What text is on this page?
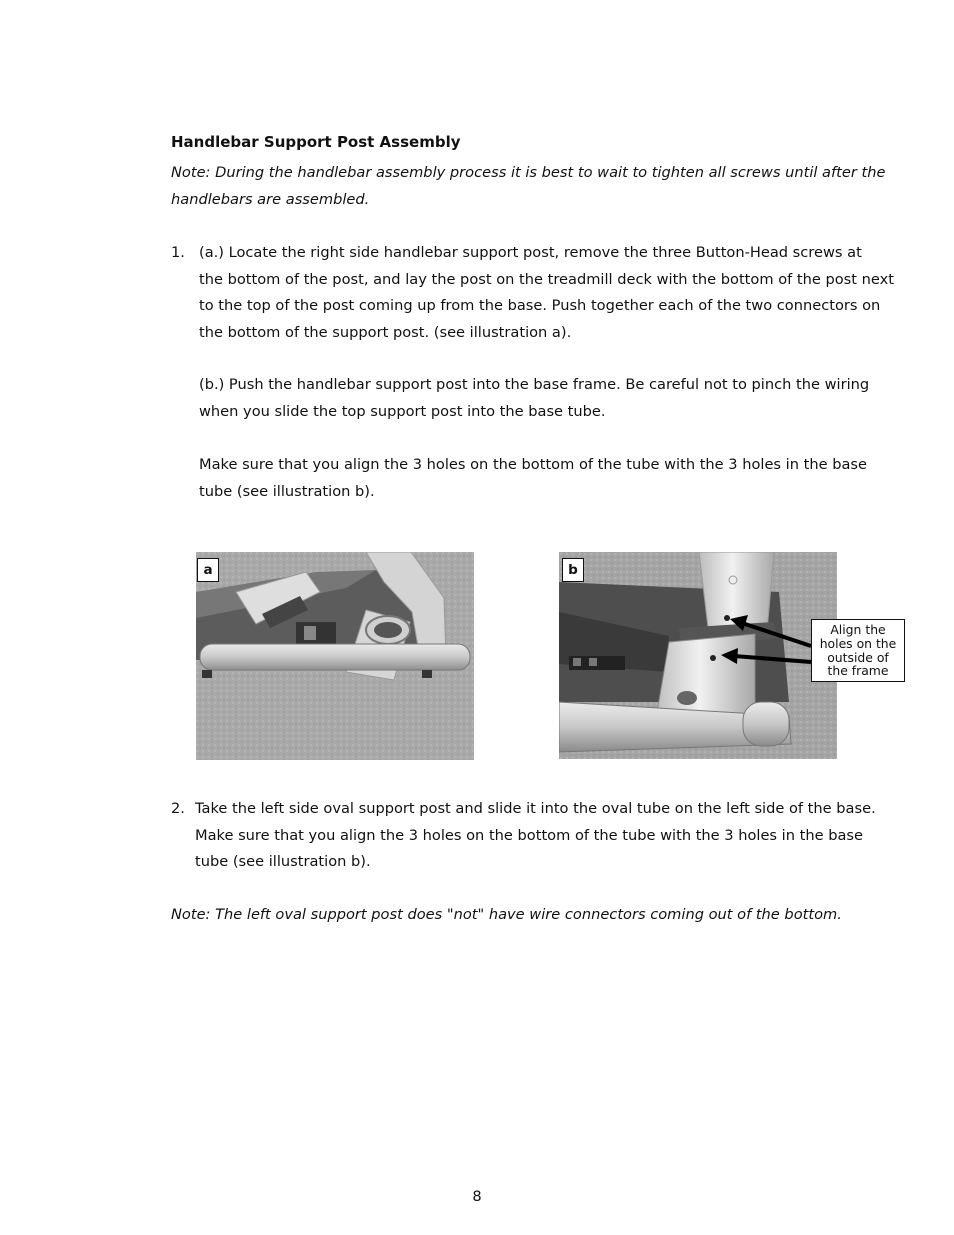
Handlebar Support Post Assembly
Note: During the handlebar assembly process it is best to wait to tighten all screws until after the
handlebars are assembled.
1. (a.) Locate the right side handlebar support post, remove the three Button-Head screws at
the bottom of the post, and lay the post on the treadmill deck with the bottom of the post next
to the top of the post coming up from the base. Push together each of the two connectors on
the bottom of the support post. (see illustration a).
(b.) Push the handlebar support post into the base frame. Be careful not to pinch the wiring
when you slide the top support post into the base tube.
Make sure that you align the 3 holes on the bottom of the tube with the 3 holes in the base
tube (see illustration b).
a	b
Align the
holes on the
outside of
the frame
2. Take the left side oval support post and slide it into the oval tube on the left side of the base.
Make sure that you align the 3 holes on the bottom of the tube with the 3 holes in the base
tube (see illustration b).
Note: The left oval support post does "not" have wire connectors coming out of the bottom.
8
